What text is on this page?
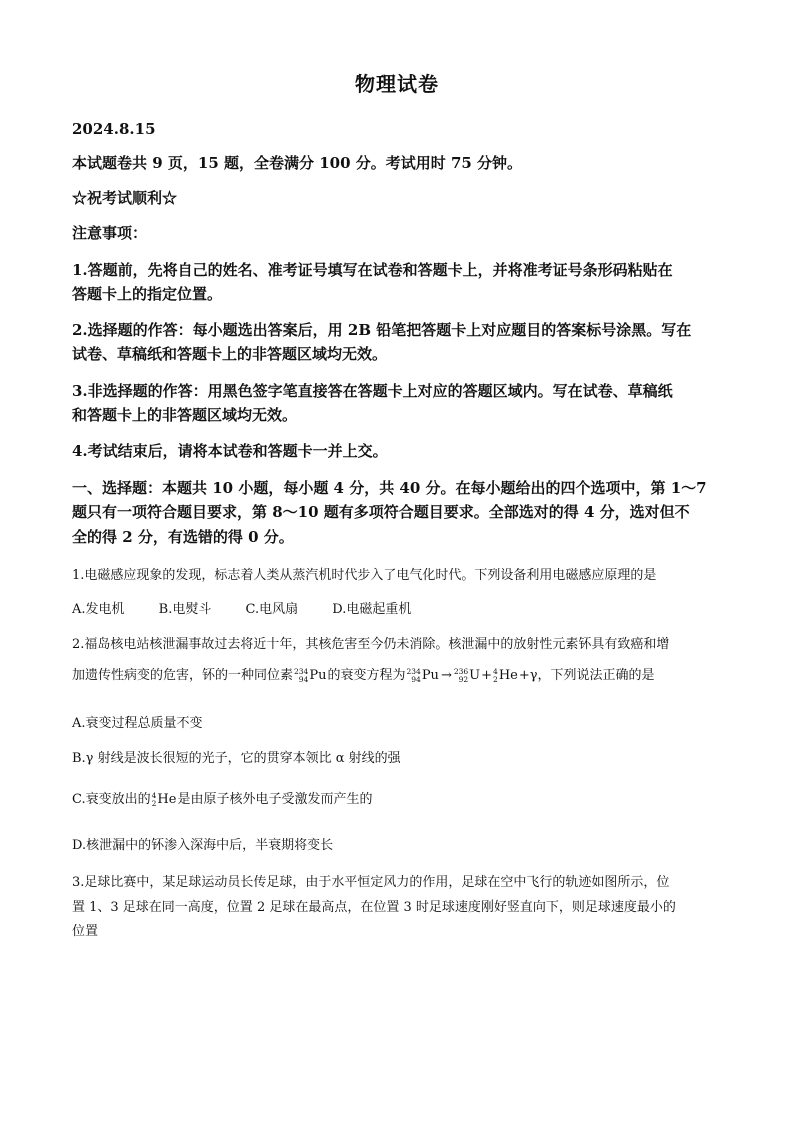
物理试卷
2024.8.15
本试题卷共 9 页，15 题，全卷满分 100 分。考试用时 75 分钟。
☆祝考试顺利☆
注意事项：
1.答题前，先将自己的姓名、准考证号填写在试卷和答题卡上，并将准考证号条形码粘贴在
答题卡上的指定位置。
2.选择题的作答：每小题选出答案后，用 2B 铅笔把答题卡上对应题目的答案标号涂黑。写在
试卷、草稿纸和答题卡上的非答题区域均无效。
3.非选择题的作答：用黑色签字笔直接答在答题卡上对应的答题区域内。写在试卷、草稿纸
和答题卡上的非答题区域均无效。
4.考试结束后，请将本试卷和答题卡一并上交。
一、选择题：本题共 10 小题，每小题 4 分，共 40 分。在每小题给出的四个选项中，第 1～7
题只有一项符合题目要求，第 8～10 题有多项符合题目要求。全部选对的得 4 分，选对但不
全的得 2 分，有选错的得 0 分。
1.电磁感应现象的发现，标志着人类从蒸汽机时代步入了电气化时代。下列设备利用电磁感应原理的是
A.发电机	B.电熨斗	C.电风扇	D.电磁起重机
2.福岛核电站核泄漏事故过去将近十年，其核危害至今仍未消除。核泄漏中的放射性元素钚具有致癌和增
加遗传性病变的危害，钚的一种同位素 234
94 Pu 的衰变方程为 234
94 Pu → 236
92 U + 4
2 He +γ，下列说法正确的是
A.衰变过程总质量不变
B.γ 射线是波长很短的光子，它的贯穿本领比 α 射线的强
C.衰变放出的 4
2 He 是由原子核外电子受激发而产生的
D.核泄漏中的钚渗入深海中后，半衰期将变长
3.足球比赛中，某足球运动员长传足球，由于水平恒定风力的作用，足球在空中飞行的轨迹如图所示，位
置 1、3 足球在同一高度，位置 2 足球在最高点，在位置 3 时足球速度刚好竖直向下，则足球速度最小的
位置
